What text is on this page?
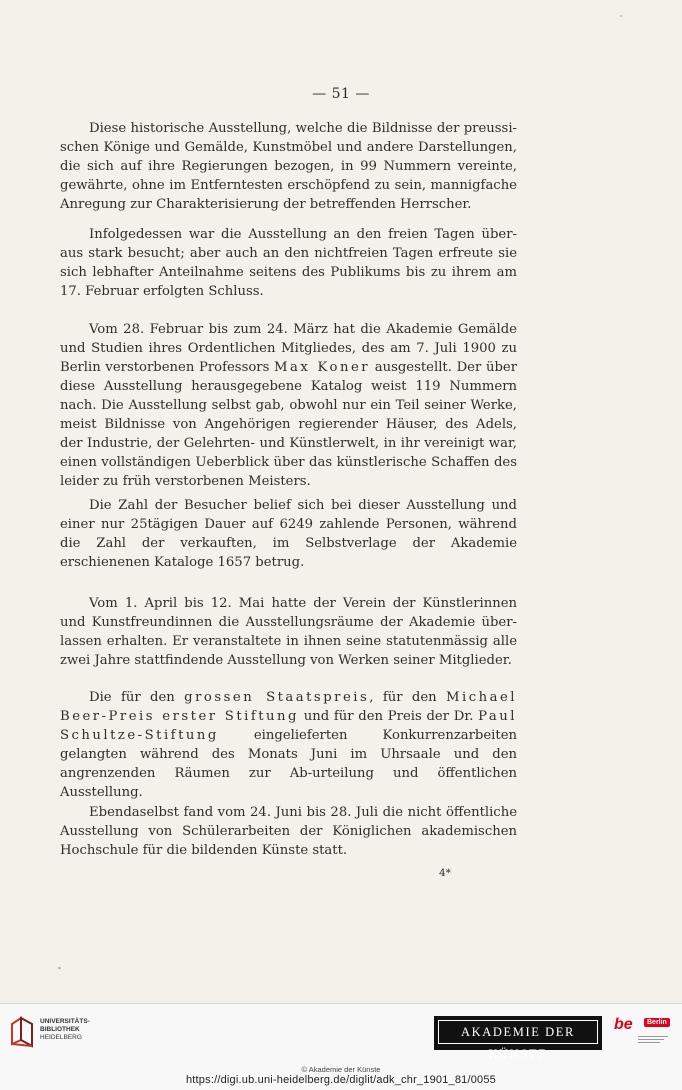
— 51 —

Diese historische Ausstellung, welche die Bildnisse der preussi-schen Könige und Gemälde, Kunstmöbel und andere Darstellungen, die sich auf ihre Regierungen bezogen, in 99 Nummern vereinte, gewährte, ohne im Entferntesten erschöpfend zu sein, mannigfache Anregung zur Charakterisierung der betreffenden Herrscher.

Infolgedessen war die Ausstellung an den freien Tagen über-aus stark besucht; aber auch an den nichtfreien Tagen erfreute sie sich lebhafter Anteilnahme seitens des Publikums bis zu ihrem am 17. Februar erfolgten Schluss.

Vom 28. Februar bis zum 24. März hat die Akademie Gemälde und Studien ihres Ordentlichen Mitgliedes, des am 7. Juli 1900 zu Berlin verstorbenen Professors Max Koner ausgestellt. Der über diese Ausstellung herausgegebene Katalog weist 119 Nummern nach. Die Ausstellung selbst gab, obwohl nur ein Teil seiner Werke, meist Bildnisse von Angehörigen regierender Häuser, des Adels, der Industrie, der Gelehrten- und Künstlerwelt, in ihr vereinigt war, einen vollständigen Ueberblick über das künstlerische Schaffen des leider zu früh verstorbenen Meisters.

Die Zahl der Besucher belief sich bei dieser Ausstellung und einer nur 25tägigen Dauer auf 6249 zahlende Personen, während die Zahl der verkauften, im Selbstverlage der Akademie erschienenen Kataloge 1657 betrug.

Vom 1. April bis 12. Mai hatte der Verein der Künstlerinnen und Kunstfreundinnen die Ausstellungsräume der Akademie über-lassen erhalten. Er veranstaltete in ihnen seine statutenmässig alle zwei Jahre stattfindende Ausstellung von Werken seiner Mitglieder.

Die für den grossen Staatspreis, für den Michael Beer-Preis erster Stiftung und für den Preis der Dr. Paul Schultze-Stiftung eingelieferten Konkurrenzarbeiten gelangten während des Monats Juni im Uhrsaale und den angrenzenden Räumen zur Ab-urteilung und öffentlichen Ausstellung.

Ebendaselbst fand vom 24. Juni bis 28. Juli die nicht öffentliche Ausstellung von Schülerarbeiten der Königlichen akademischen Hochschule für die bildenden Künste statt.

4*
UNIVERSITÄTS-
BIBLIOTHEK
HEIDELBERG	AKADEMIE DER KÜNSTE
be	Berlin
© Akademie der Künste
https://digi.ub.uni-heidelberg.de/diglit/adk_chr_1901_81/0055
